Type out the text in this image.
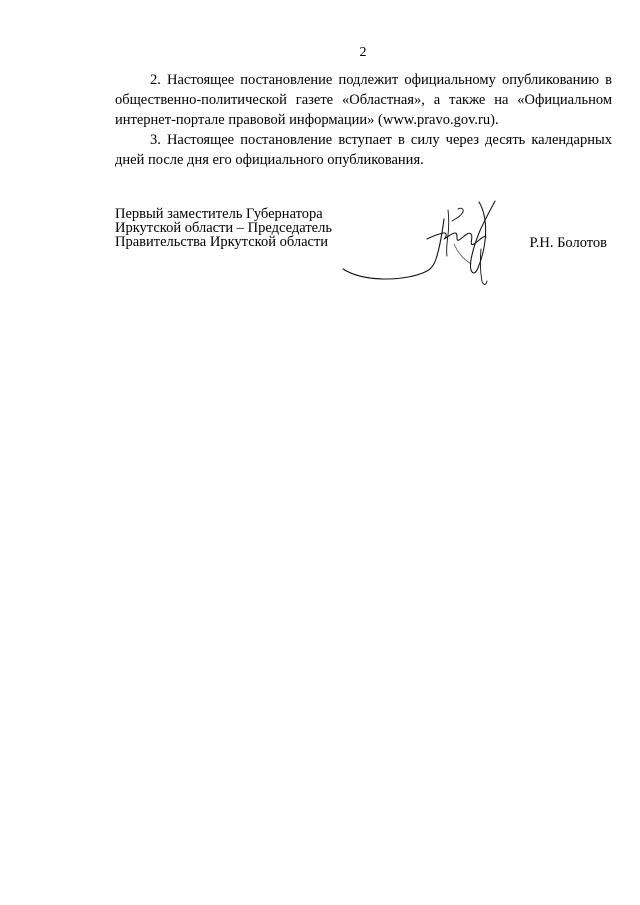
2

2. Настоящее постановление подлежит официальному опубликованию в общественно-политической газете «Областная», а также на «Официальном интернет-портале правовой информации» (www.pravo.gov.ru).

3. Настоящее постановление вступает в силу через десять календарных дней после дня его официального опубликования.

Первый заместитель Губернатора
Иркутской области – Председатель
Правительства Иркутской области	Р.Н. Болотов
